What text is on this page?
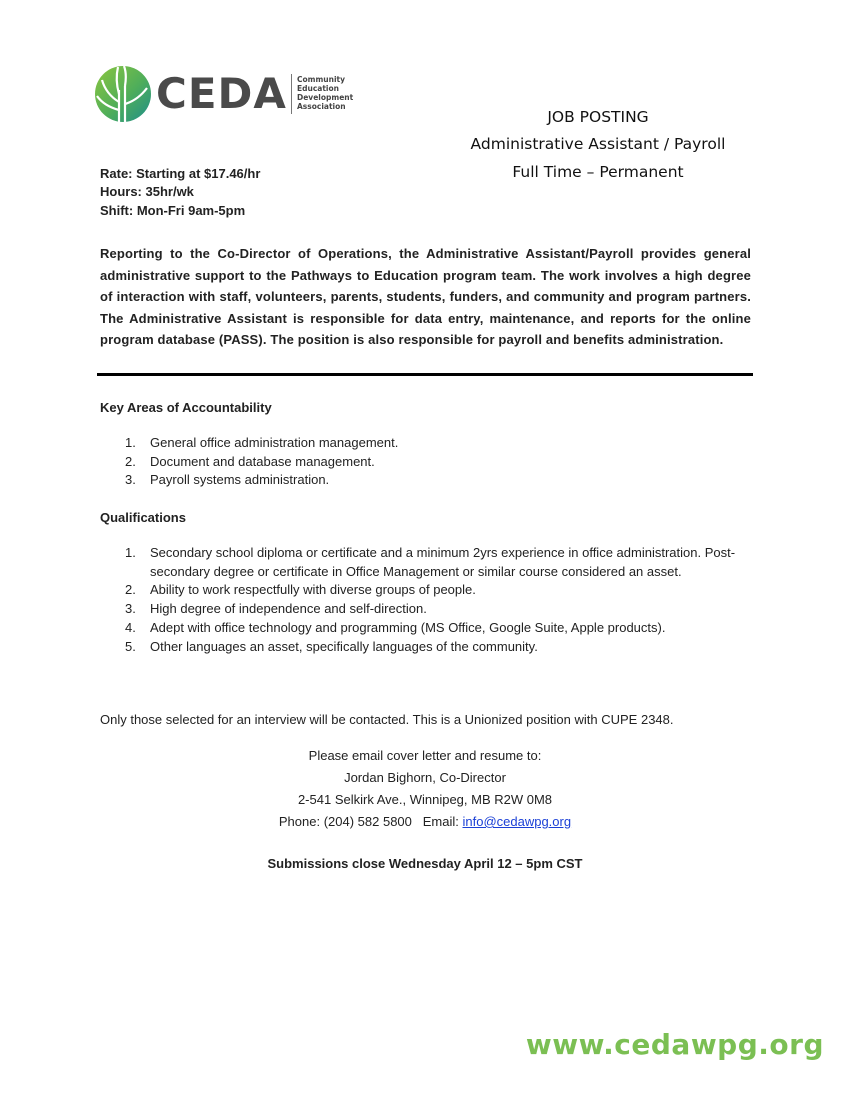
CEDA Community
Education
Development
Association
JOB POSTING
Administrative Assistant / Payroll
Full Time – Permanent
Rate: Starting at $17.46/hr
Hours: 35hr/wk
Shift: Mon-Fri 9am-5pm
Reporting to the Co-Director of Operations, the Administrative Assistant/Payroll provides general administrative support to the Pathways to Education program team. The work involves a high degree of interaction with staff, volunteers, parents, students, funders, and community and program partners. The Administrative Assistant is responsible for data entry, maintenance, and reports for the online program database (PASS). The position is also responsible for payroll and benefits administration.
Key Areas of Accountability
1. General office administration management.
2. Document and database management.
3. Payroll systems administration.
Qualifications
1. Secondary school diploma or certificate and a minimum 2yrs experience in office administration. Post-secondary degree or certificate in Office Management or similar course considered an asset.
2. Ability to work respectfully with diverse groups of people.
3. High degree of independence and self-direction.
4. Adept with office technology and programming (MS Office, Google Suite, Apple products).
5. Other languages an asset, specifically languages of the community.
Only those selected for an interview will be contacted. This is a Unionized position with CUPE 2348.
Please email cover letter and resume to:
Jordan Bighorn, Co-Director
2-541 Selkirk Ave., Winnipeg, MB R2W 0M8
Phone: (204) 582 5800 Email: info@cedawpg.org
Submissions close Wednesday April 12 – 5pm CST
www.cedawpg.org
